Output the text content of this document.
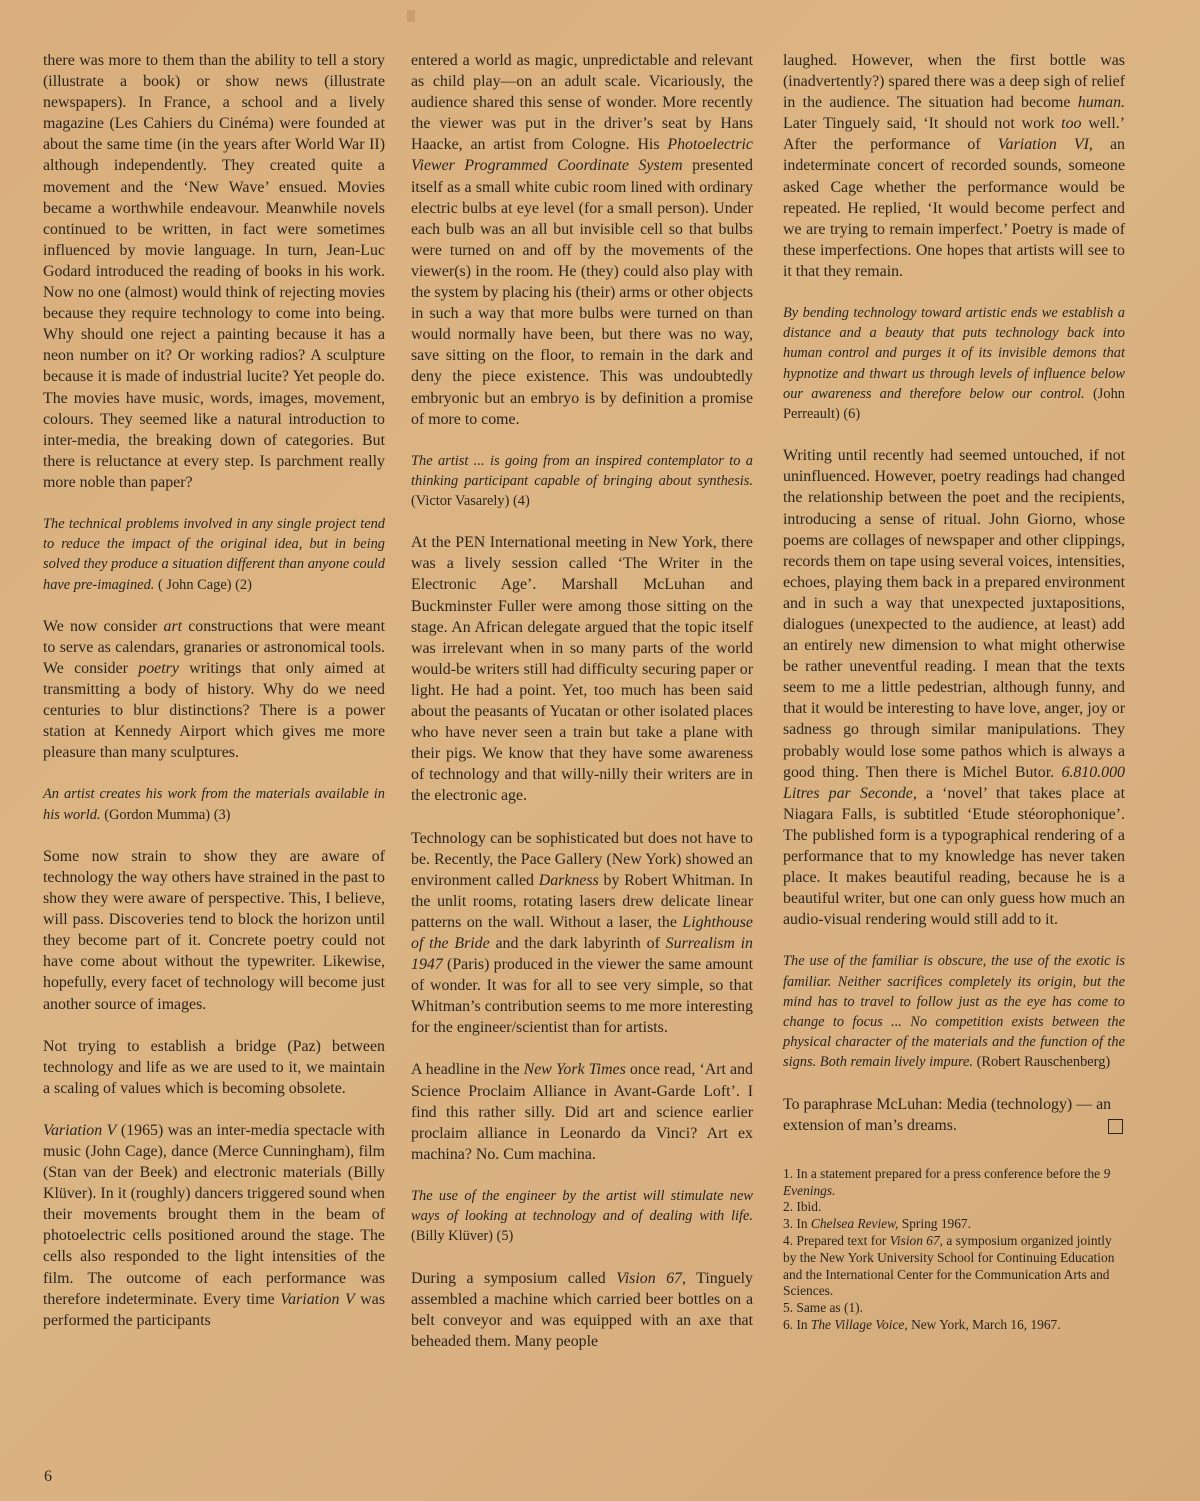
there was more to them than the ability to tell a story (illustrate a book) or show news (illustrate newspapers). In France, a school and a lively magazine (Les Cahiers du Cinéma) were founded at about the same time (in the years after World War II) although independently. They created quite a movement and the ‘New Wave’ ensued. Movies became a worthwhile endeavour. Meanwhile novels continued to be written, in fact were sometimes influenced by movie language. In turn, Jean-Luc Godard introduced the reading of books in his work. Now no one (almost) would think of rejecting movies because they require technology to come into being. Why should one reject a painting because it has a neon number on it? Or working radios? A sculpture because it is made of industrial lucite? Yet people do. The movies have music, words, images, movement, colours. They seemed like a natural introduction to inter-media, the breaking down of categories. But there is reluctance at every step. Is parchment really more noble than paper?

The technical problems involved in any single project tend to reduce the impact of the original idea, but in being solved they produce a situation different than anyone could have pre-imagined. ( John Cage) (2)

We now consider art constructions that were meant to serve as calendars, granaries or astronomical tools. We consider poetry writings that only aimed at transmitting a body of history. Why do we need centuries to blur distinctions? There is a power station at Kennedy Airport which gives me more pleasure than many sculptures.

An artist creates his work from the materials available in his world. (Gordon Mumma) (3)

Some now strain to show they are aware of technology the way others have strained in the past to show they were aware of perspective. This, I believe, will pass. Discoveries tend to block the horizon until they become part of it. Concrete poetry could not have come about without the typewriter. Likewise, hopefully, every facet of technology will become just another source of images.

Not trying to establish a bridge (Paz) between technology and life as we are used to it, we maintain a scaling of values which is becoming obsolete.

Variation V (1965) was an inter-media spectacle with music (John Cage), dance (Merce Cunningham), film (Stan van der Beek) and electronic materials (Billy Klüver). In it (roughly) dancers triggered sound when their movements brought them in the beam of photoelectric cells positioned around the stage. The cells also responded to the light intensities of the film. The outcome of each performance was therefore indeterminate. Every time Variation V was performed the participants

entered a world as magic, unpredictable and relevant as child play—on an adult scale. Vicariously, the audience shared this sense of wonder. More recently the viewer was put in the driver’s seat by Hans Haacke, an artist from Cologne. His Photoelectric Viewer Programmed Coordinate System presented itself as a small white cubic room lined with ordinary electric bulbs at eye level (for a small person). Under each bulb was an all but invisible cell so that bulbs were turned on and off by the movements of the viewer(s) in the room. He (they) could also play with the system by placing his (their) arms or other objects in such a way that more bulbs were turned on than would normally have been, but there was no way, save sitting on the floor, to remain in the dark and deny the piece existence. This was undoubtedly embryonic but an embryo is by definition a promise of more to come.

The artist ... is going from an inspired contemplator to a thinking participant capable of bringing about synthesis. (Victor Vasarely) (4)

At the PEN International meeting in New York, there was a lively session called ‘The Writer in the Electronic Age’. Marshall McLuhan and Buckminster Fuller were among those sitting on the stage. An African delegate argued that the topic itself was irrelevant when in so many parts of the world would-be writers still had difficulty securing paper or light. He had a point. Yet, too much has been said about the peasants of Yucatan or other isolated places who have never seen a train but take a plane with their pigs. We know that they have some awareness of technology and that willy-nilly their writers are in the electronic age.

Technology can be sophisticated but does not have to be. Recently, the Pace Gallery (New York) showed an environment called Darkness by Robert Whitman. In the unlit rooms, rotating lasers drew delicate linear patterns on the wall. Without a laser, the Lighthouse of the Bride and the dark labyrinth of Surrealism in 1947 (Paris) produced in the viewer the same amount of wonder. It was for all to see very simple, so that Whitman’s contribution seems to me more interesting for the engineer/scientist than for artists.

A headline in the New York Times once read, ‘Art and Science Proclaim Alliance in Avant-Garde Loft’. I find this rather silly. Did art and science earlier proclaim alliance in Leonardo da Vinci? Art ex machina? No. Cum machina.

The use of the engineer by the artist will stimulate new ways of looking at technology and of dealing with life. (Billy Klüver) (5)

During a symposium called Vision 67, Tinguely assembled a machine which carried beer bottles on a belt conveyor and was equipped with an axe that beheaded them. Many people

laughed. However, when the first bottle was (inadvertently?) spared there was a deep sigh of relief in the audience. The situation had become human. Later Tinguely said, ‘It should not work too well.’ After the performance of Variation VI, an indeterminate concert of recorded sounds, someone asked Cage whether the performance would be repeated. He replied, ‘It would become perfect and we are trying to remain imperfect.’ Poetry is made of these imperfections. One hopes that artists will see to it that they remain.

By bending technology toward artistic ends we establish a distance and a beauty that puts technology back into human control and purges it of its invisible demons that hypnotize and thwart us through levels of influence below our awareness and therefore below our control. (John Perreault) (6)

Writing until recently had seemed untouched, if not uninfluenced. However, poetry readings had changed the relationship between the poet and the recipients, introducing a sense of ritual. John Giorno, whose poems are collages of newspaper and other clippings, records them on tape using several voices, intensities, echoes, playing them back in a prepared environment and in such a way that unexpected juxtapositions, dialogues (unexpected to the audience, at least) add an entirely new dimension to what might otherwise be rather uneventful reading. I mean that the texts seem to me a little pedestrian, although funny, and that it would be interesting to have love, anger, joy or sadness go through similar manipulations. They probably would lose some pathos which is always a good thing. Then there is Michel Butor. 6.810.000 Litres par Seconde, a ‘novel’ that takes place at Niagara Falls, is subtitled ‘Etude stéorophonique’. The published form is a typographical rendering of a performance that to my knowledge has never taken place. It makes beautiful reading, because he is a beautiful writer, but one can only guess how much an audio-visual rendering would still add to it.

The use of the familiar is obscure, the use of the exotic is familiar. Neither sacrifices completely its origin, but the mind has to travel to follow just as the eye has come to change to focus ... No competition exists between the physical character of the materials and the function of the signs. Both remain lively impure. (Robert Rauschenberg)

To paraphrase McLuhan: Media (technology) — an extension of man’s dreams.

1. In a statement prepared for a press conference before the 9 Evenings.
2. Ibid.
3. In Chelsea Review, Spring 1967.
4. Prepared text for Vision 67, a symposium organized jointly by the New York University School for Continuing Education and the International Center for the Communication Arts and Sciences.
5. Same as (1).
6. In The Village Voice, New York, March 16, 1967.
6
